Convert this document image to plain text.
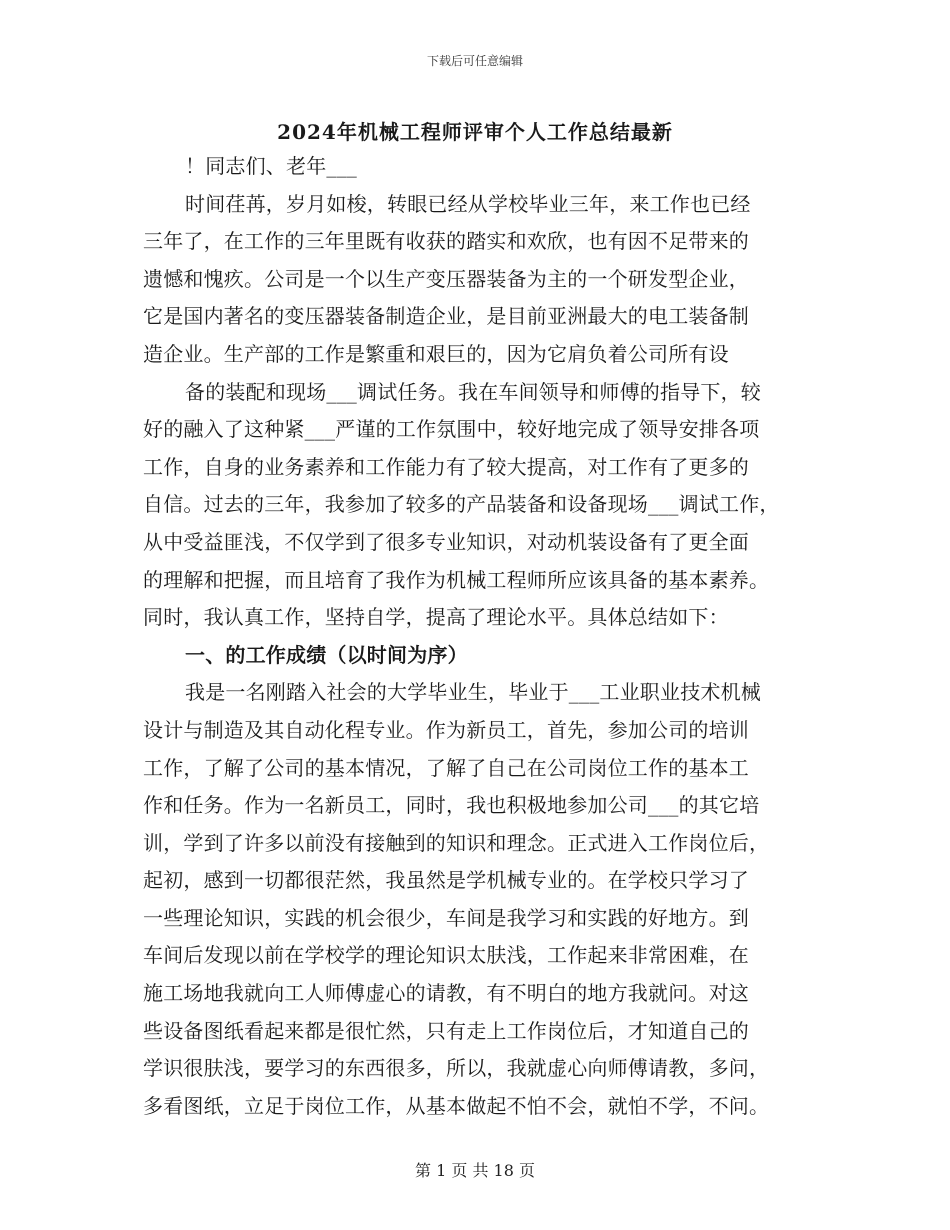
下载后可任意编辑
2024年机械工程师评审个人工作总结最新
！同志们、老年___
时间荏苒，岁月如梭，转眼已经从学校毕业三年，来工作也已经
三年了，在工作的三年里既有收获的踏实和欢欣，也有因不足带来的
遗憾和愧疚。公司是一个以生产变压器装备为主的一个研发型企业，
它是国内著名的变压器装备制造企业，是目前亚洲最大的电工装备制
造企业。生产部的工作是繁重和艰巨的，因为它肩负着公司所有设
备的装配和现场___调试任务。我在车间领导和师傅的指导下，较
好的融入了这种紧___严谨的工作氛围中，较好地完成了领导安排各项
工作，自身的业务素养和工作能力有了较大提高，对工作有了更多的
自信。过去的三年，我参加了较多的产品装备和设备现场___调试工作，
从中受益匪浅，不仅学到了很多专业知识，对动机装设备有了更全面
的理解和把握，而且培育了我作为机械工程师所应该具备的基本素养。
同时，我认真工作，坚持自学，提高了理论水平。具体总结如下：
一、的工作成绩（以时间为序）
我是一名刚踏入社会的大学毕业生，毕业于___工业职业技术机械
设计与制造及其自动化程专业。作为新员工，首先，参加公司的培训
工作，了解了公司的基本情况，了解了自己在公司岗位工作的基本工
作和任务。作为一名新员工，同时，我也积极地参加公司___的其它培
训，学到了许多以前没有接触到的知识和理念。正式进入工作岗位后，
起初，感到一切都很茫然，我虽然是学机械专业的。在学校只学习了
一些理论知识，实践的机会很少，车间是我学习和实践的好地方。到
车间后发现以前在学校学的理论知识太肤浅，工作起来非常困难，在
施工场地我就向工人师傅虚心的请教，有不明白的地方我就问。对这
些设备图纸看起来都是很忙然，只有走上工作岗位后，才知道自己的
学识很肤浅，要学习的东西很多，所以，我就虚心向师傅请教，多问，
多看图纸，立足于岗位工作，从基本做起不怕不会，就怕不学，不问。
第 1 页 共 18 页
